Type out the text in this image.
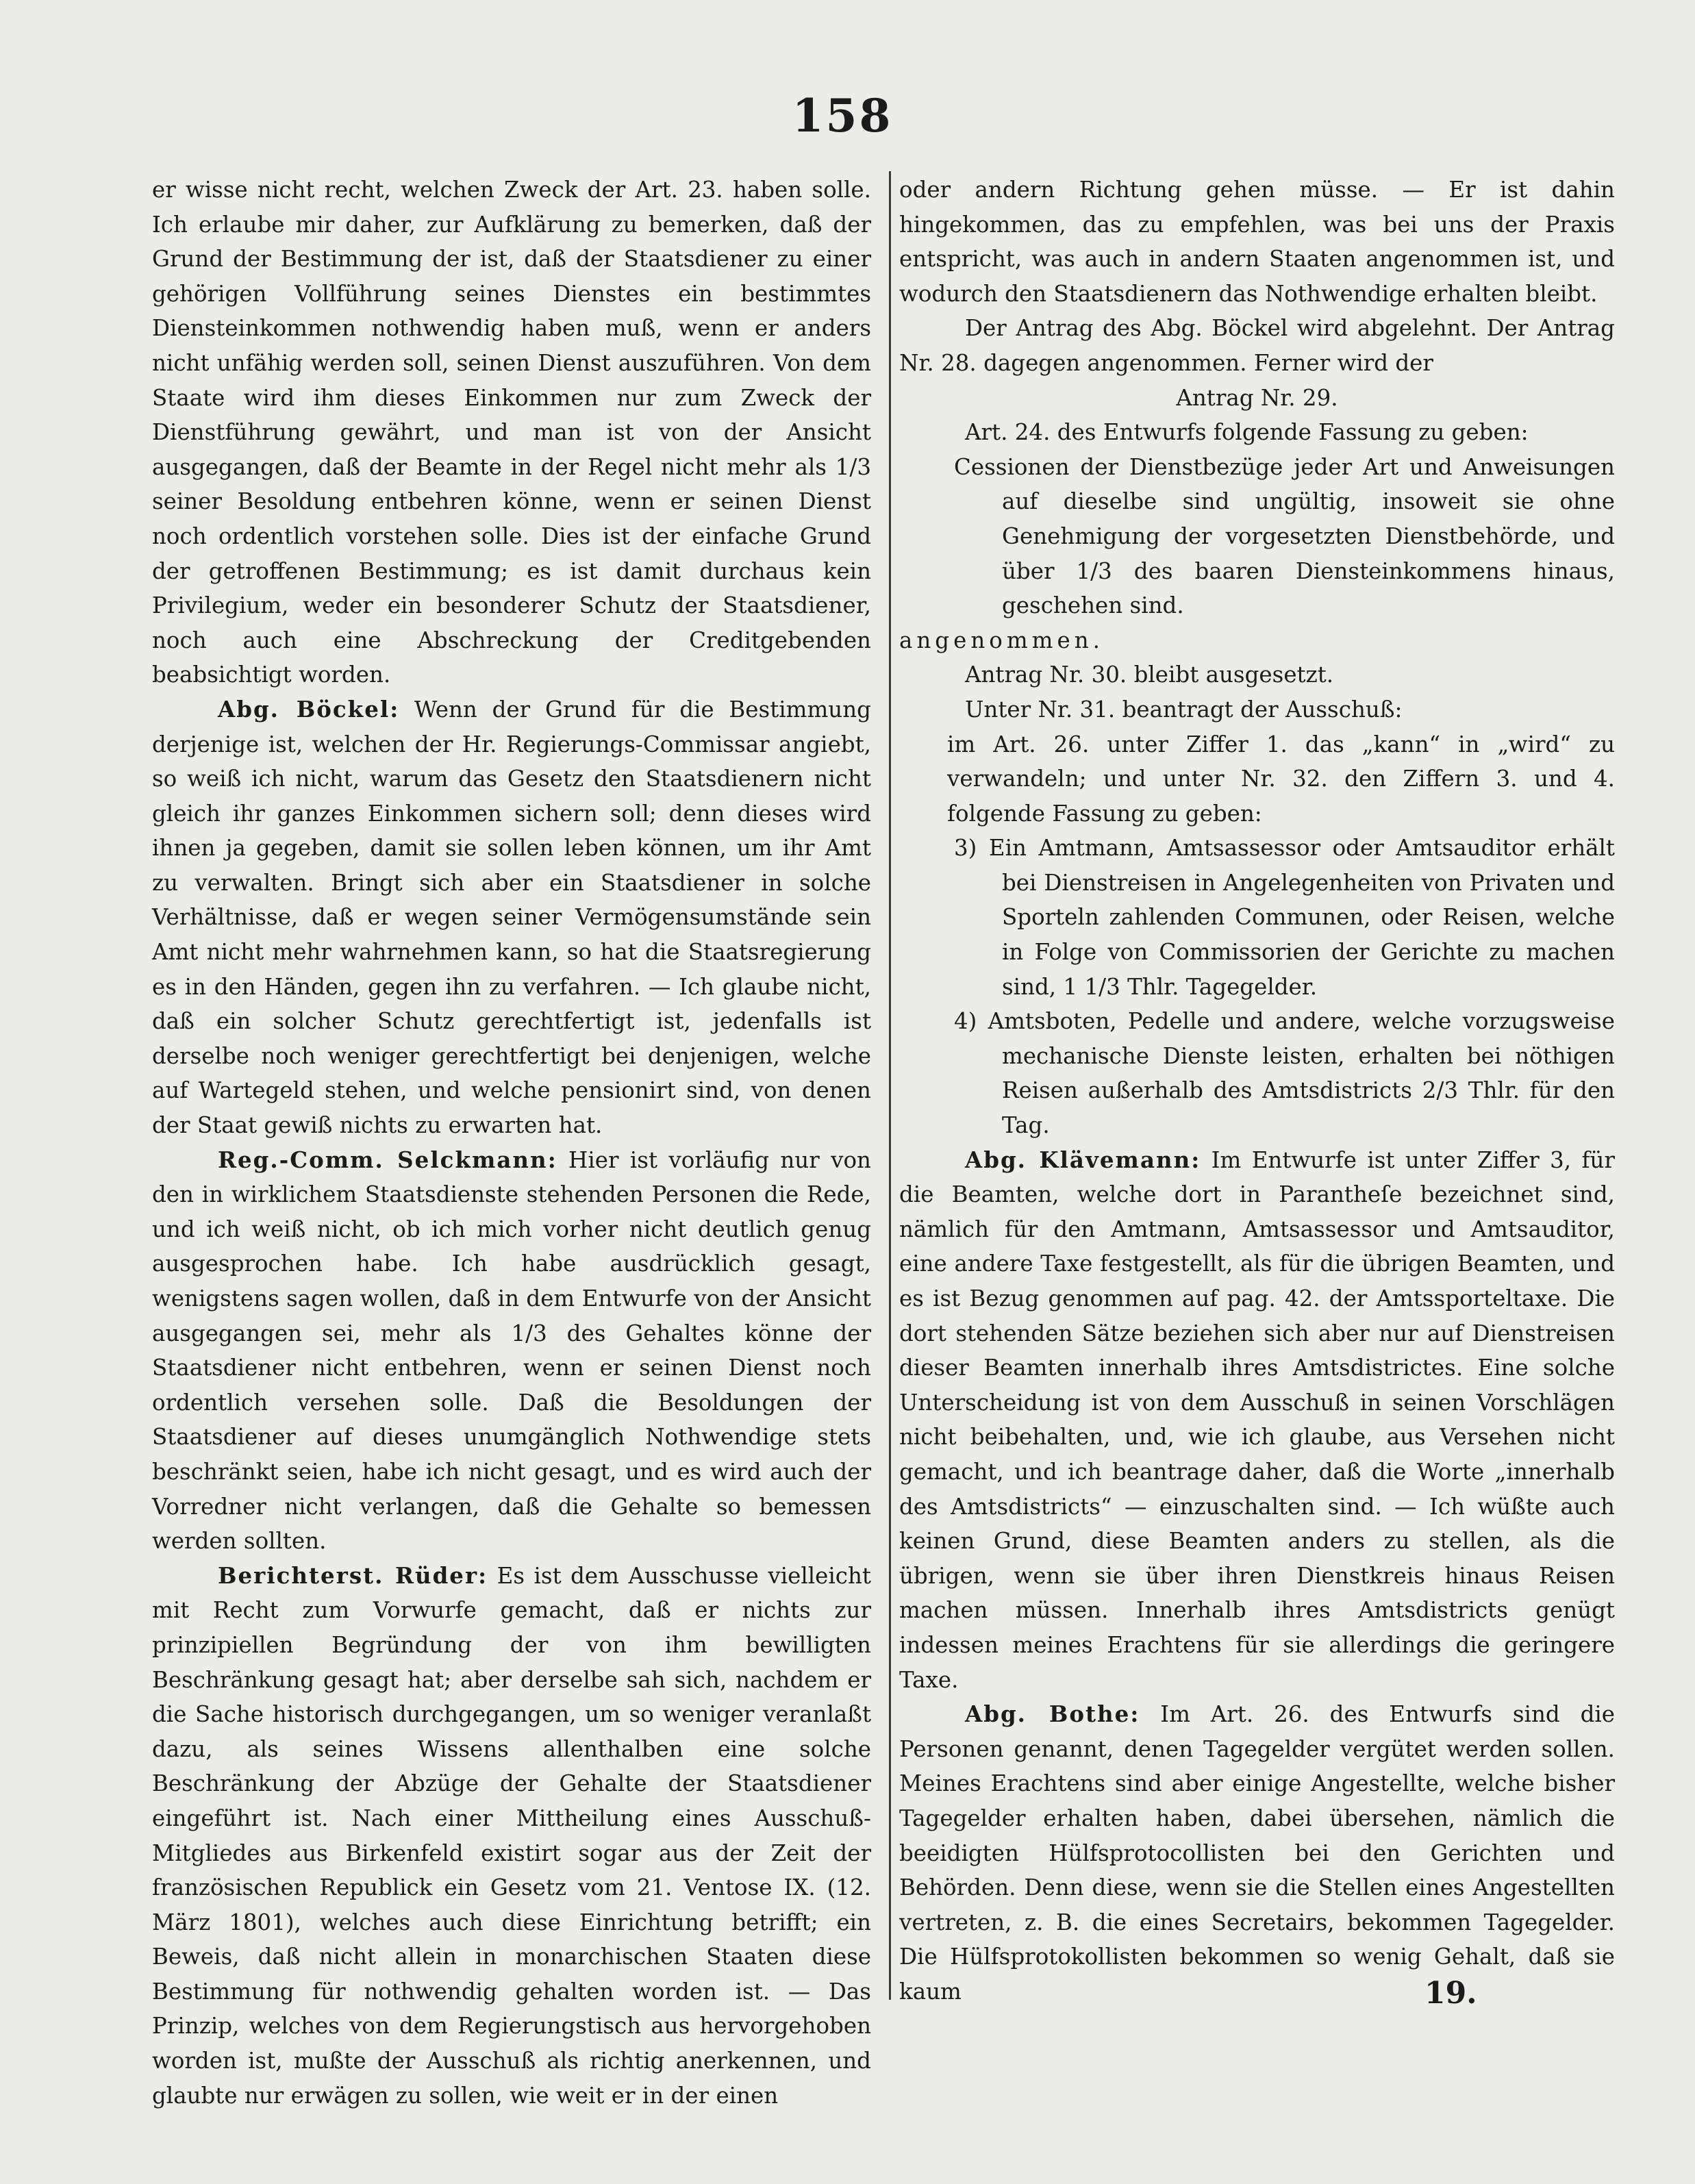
158

er wisse nicht recht, welchen Zweck der Art. 23. haben solle. Ich erlaube mir daher, zur Aufklärung zu bemerken, daß der Grund der Bestimmung der ist, daß der Staatsdiener zu einer gehörigen Vollführung seines Dienstes ein bestimmtes Diensteinkommen nothwendig haben muß, wenn er anders nicht unfähig werden soll, seinen Dienst auszuführen. Von dem Staate wird ihm dieses Einkommen nur zum Zweck der Dienstführung gewährt, und man ist von der Ansicht ausgegangen, daß der Beamte in der Regel nicht mehr als 1/3 seiner Besoldung entbehren könne, wenn er seinen Dienst noch ordentlich vorstehen solle. Dies ist der einfache Grund der getroffenen Bestimmung; es ist damit durchaus kein Privilegium, weder ein besonderer Schutz der Staatsdiener, noch auch eine Abschreckung der Creditgebenden beabsichtigt worden.

Abg. Böckel: Wenn der Grund für die Bestimmung derjenige ist, welchen der Hr. Regierungs-Commissar angiebt, so weiß ich nicht, warum das Gesetz den Staatsdienern nicht gleich ihr ganzes Einkommen sichern soll; denn dieses wird ihnen ja gegeben, damit sie sollen leben können, um ihr Amt zu verwalten. Bringt sich aber ein Staatsdiener in solche Verhältnisse, daß er wegen seiner Vermögensumstände sein Amt nicht mehr wahrnehmen kann, so hat die Staatsregierung es in den Händen, gegen ihn zu verfahren. — Ich glaube nicht, daß ein solcher Schutz gerechtfertigt ist, jedenfalls ist derselbe noch weniger gerechtfertigt bei denjenigen, welche auf Wartegeld stehen, und welche pensionirt sind, von denen der Staat gewiß nichts zu erwarten hat.

Reg.-Comm. Selckmann: Hier ist vorläufig nur von den in wirklichem Staatsdienste stehenden Personen die Rede, und ich weiß nicht, ob ich mich vorher nicht deutlich genug ausgesprochen habe. Ich habe ausdrücklich gesagt, wenigstens sagen wollen, daß in dem Entwurfe von der Ansicht ausgegangen sei, mehr als 1/3 des Gehaltes könne der Staatsdiener nicht entbehren, wenn er seinen Dienst noch ordentlich versehen solle. Daß die Besoldungen der Staatsdiener auf dieses unumgänglich Nothwendige stets beschränkt seien, habe ich nicht gesagt, und es wird auch der Vorredner nicht verlangen, daß die Gehalte so bemessen werden sollten.

Berichterst. Rüder: Es ist dem Ausschusse vielleicht mit Recht zum Vorwurfe gemacht, daß er nichts zur prinzipiellen Begründung der von ihm bewilligten Beschränkung gesagt hat; aber derselbe sah sich, nachdem er die Sache historisch durchgegangen, um so weniger veranlaßt dazu, als seines Wissens allenthalben eine solche Beschränkung der Abzüge der Gehalte der Staatsdiener eingeführt ist. Nach einer Mittheilung eines Ausschuß-Mitgliedes aus Birkenfeld existirt sogar aus der Zeit der französischen Republick ein Gesetz vom 21. Ventose IX. (12. März 1801), welches auch diese Einrichtung betrifft; ein Beweis, daß nicht allein in monarchischen Staaten diese Bestimmung für nothwendig gehalten worden ist. — Das Prinzip, welches von dem Regierungstisch aus hervorgehoben worden ist, mußte der Ausschuß als richtig anerkennen, und glaubte nur erwägen zu sollen, wie weit er in der einen

oder andern Richtung gehen müsse. — Er ist dahin hingekommen, das zu empfehlen, was bei uns der Praxis entspricht, was auch in andern Staaten angenommen ist, und wodurch den Staatsdienern das Nothwendige erhalten bleibt.

Der Antrag des Abg. Böckel wird abgelehnt. Der Antrag Nr. 28. dagegen angenommen. Ferner wird der

Antrag Nr. 29.

Art. 24. des Entwurfs folgende Fassung zu geben:

Cessionen der Dienstbezüge jeder Art und Anweisungen auf dieselbe sind ungültig, insoweit sie ohne Genehmigung der vorgesetzten Dienstbehörde, und über 1/3 des baaren Diensteinkommens hinaus, geschehen sind.

angenommen.

Antrag Nr. 30. bleibt ausgesetzt.

Unter Nr. 31. beantragt der Ausschuß:

im Art. 26. unter Ziffer 1. das „kann“ in „wird“ zu verwandeln; und unter Nr. 32. den Ziffern 3. und 4. folgende Fassung zu geben:

3) Ein Amtmann, Amtsassessor oder Amtsauditor erhält bei Dienstreisen in Angelegenheiten von Privaten und Sporteln zahlenden Communen, oder Reisen, welche in Folge von Commissorien der Gerichte zu machen sind, 1 1/3 Thlr. Tagegelder.

4) Amtsboten, Pedelle und andere, welche vorzugsweise mechanische Dienste leisten, erhalten bei nöthigen Reisen außerhalb des Amtsdistricts 2/3 Thlr. für den Tag.

Abg. Klävemann: Im Entwurfe ist unter Ziffer 3, für die Beamten, welche dort in Parantheſe bezeichnet sind, nämlich für den Amtmann, Amtsassessor und Amtsauditor, eine andere Taxe festgestellt, als für die übrigen Beamten, und es ist Bezug genommen auf pag. 42. der Amtssporteltaxe. Die dort stehenden Sätze beziehen sich aber nur auf Dienstreisen dieser Beamten innerhalb ihres Amtsdistrictes. Eine solche Unterscheidung ist von dem Ausschuß in seinen Vorschlägen nicht beibehalten, und, wie ich glaube, aus Versehen nicht gemacht, und ich beantrage daher, daß die Worte „innerhalb des Amtsdistricts“ — einzuschalten sind. — Ich wüßte auch keinen Grund, diese Beamten anders zu stellen, als die übrigen, wenn sie über ihren Dienstkreis hinaus Reisen machen müssen. Innerhalb ihres Amtsdistricts genügt indessen meines Erachtens für sie allerdings die geringere Taxe.

Abg. Bothe: Im Art. 26. des Entwurfs sind die Personen genannt, denen Tagegelder vergütet werden sollen. Meines Erachtens sind aber einige Angestellte, welche bisher Tagegelder erhalten haben, dabei übersehen, nämlich die beeidigten Hülfsprotocollisten bei den Gerichten und Behörden. Denn diese, wenn sie die Stellen eines Angestellten vertreten, z. B. die eines Secretairs, bekommen Tagegelder. Die Hülfsprotokollisten bekommen so wenig Gehalt, daß sie kaum	19.
